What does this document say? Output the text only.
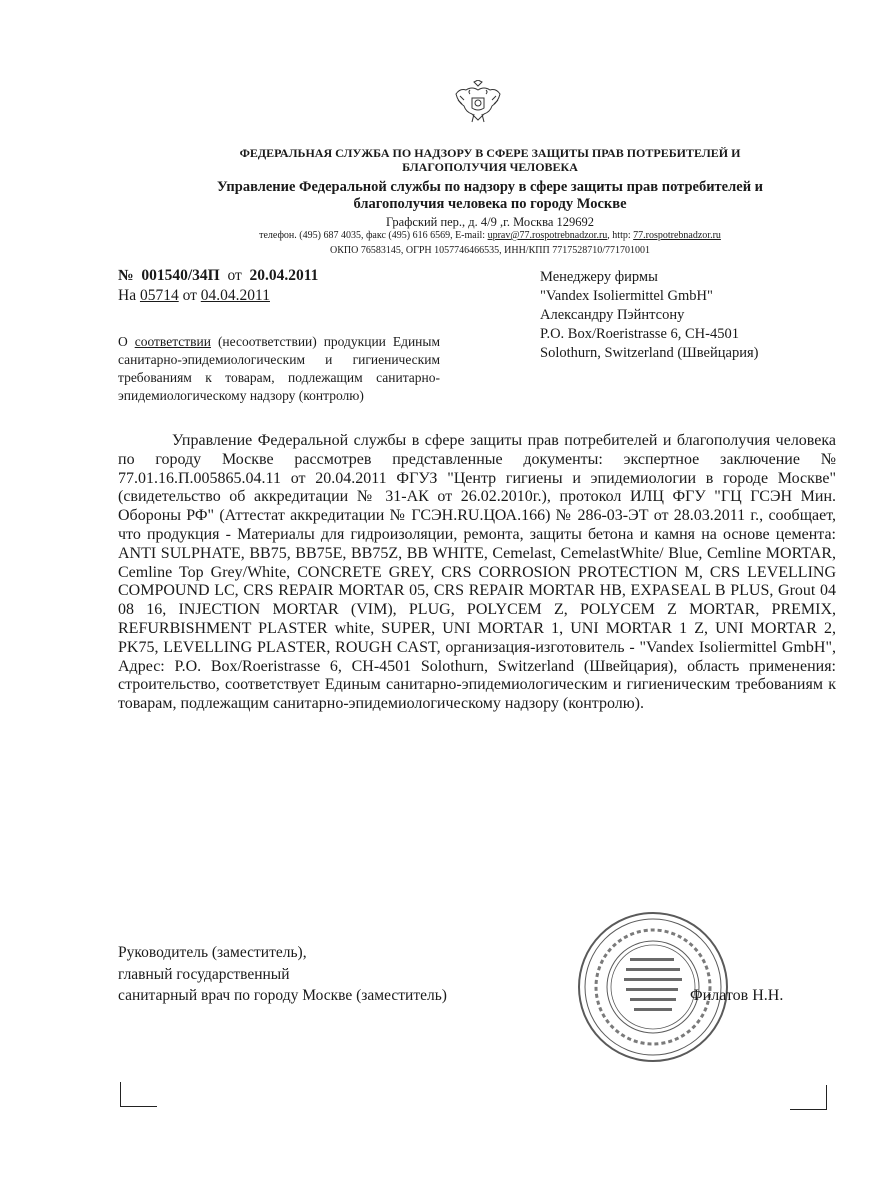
ФЕДЕРАЛЬНАЯ СЛУЖБА ПО НАДЗОРУ В СФЕРЕ ЗАЩИТЫ ПРАВ ПОТРЕБИТЕЛЕЙ И
БЛАГОПОЛУЧИЯ ЧЕЛОВЕКА
Управление Федеральной службы по надзору в сфере защиты прав потребителей и
благополучия человека по городу Москве
Графский пер., д. 4/9 ,г. Москва 129692
телефон. (495) 687 4035, факс (495) 616 6569, E-mail: uprav@77.rospotrebnadzor.ru, http: 77.rospotrebnadzor.ru
ОКПО 76583145, ОГРН 1057746466535, ИНН/КПП 7717528710/771701001
№ 001540/34П от 20.04.2011
На 05714 от 04.04.2011
Менеджеру фирмы
"Vandex Isoliermittel GmbH"
Александру Пэйнтсону
P.O. Box/Roeristrasse 6, CH-4501
Solothurn, Switzerland (Швейцария)
О соответствии (несоответствии) продукции Единым санитарно-эпидемиологическим и гигиеническим требованиям к товарам, подлежащим санитарно-эпидемиологическому надзору (контролю)
Управление Федеральной службы в сфере защиты прав потребителей и благополучия человека по городу Москве рассмотрев представленные документы: экспертное заключение № 77.01.16.П.005865.04.11 от 20.04.2011 ФГУЗ "Центр гигиены и эпидемиологии в городе Москве" (свидетельство об аккредитации № 31-АК от 26.02.2010г.), протокол ИЛЦ ФГУ "ГЦ ГСЭН Мин. Обороны РФ" (Аттестат аккредитации № ГСЭН.RU.ЦОА.166) № 286-03-ЭТ от 28.03.2011 г., сообщает, что продукция - Материалы для гидроизоляции, ремонта, защиты бетона и камня на основе цемента: ANTI SULPHATE, BB75, BB75E, BB75Z, BB WHITE, Cemelast, CemelastWhite/ Blue, Cemline MORTAR, Cemline Top Grey/White, CONCRETE GREY, CRS CORROSION PROTECTION M, CRS LEVELLING COMPOUND LC, CRS REPAIR MORTAR 05, CRS REPAIR MORTAR HB, EXPASEAL B PLUS, Grout 04 08 16, INJECTION MORTAR (VIM), PLUG, POLYCEM Z, POLYCEM Z MORTAR, PREMIX, REFURBISHMENT PLASTER white, SUPER, UNI MORTAR 1, UNI MORTAR 1 Z, UNI MORTAR 2, PK75, LEVELLING PLASTER, ROUGH CAST, организация-изготовитель - "Vandex Isoliermittel GmbH", Адрес: P.O. Box/Roeristrasse 6, CH-4501 Solothurn, Switzerland (Швейцария), область применения: строительство, соответствует Единым санитарно-эпидемиологическим и гигиеническим требованиям к товарам, подлежащим санитарно-эпидемиологическому надзору (контролю).
Руководитель (заместитель),
главный государственный
санитарный врач по городу Москве (заместитель)	Филатов Н.Н.
